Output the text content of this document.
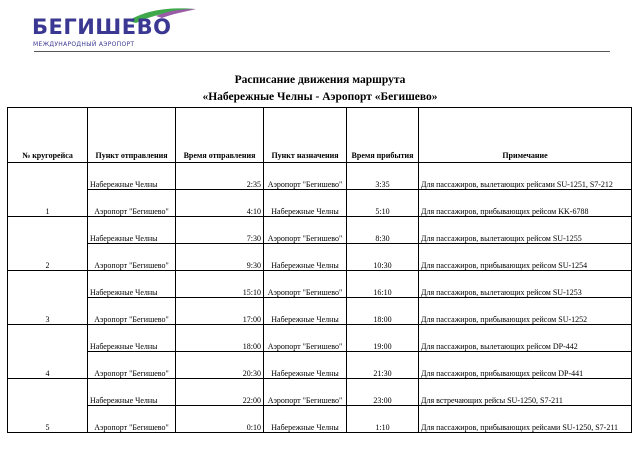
БЕГИШЕВО
МЕЖДУНАРОДНЫЙ АЭРОПОРТ
Расписание движения маршрута
«Набережные Челны - Аэропорт «Бегишево»
№ кругорейса	Пункт отправления	Время отправления	Пункт назначения	Время прибытия	Примечание
1	Набережные Челны	2:35	Аэропорт "Бегишево"	3:35	Для пассажиров, вылетающих рейсами SU-1251, S7-212
	Аэропорт "Бегишево"	4:10	Набережные Челны	5:10	Для пассажиров, прибывающих рейсом KK-6788
2	Набережные Челны	7:30	Аэропорт "Бегишево"	8:30	Для пассажиров, вылетающих рейсом SU-1255
	Аэропорт "Бегишево"	9:30	Набережные Челны	10:30	Для пассажиров, прибывающих рейсом SU-1254
3	Набережные Челны	15:10	Аэропорт "Бегишево"	16:10	Для пассажиров, вылетающих рейсом SU-1253
	Аэропорт "Бегишево"	17:00	Набережные Челны	18:00	Для пассажиров, прибывающих рейсом SU-1252
4	Набережные Челны	18:00	Аэропорт "Бегишево"	19:00	Для пассажиров, вылетающих рейсом DP-442
	Аэропорт "Бегишево"	20:30	Набережные Челны	21:30	Для пассажиров, прибывающих рейсом DP-441
5	Набережные Челны	22:00	Аэропорт "Бегишево"	23:00	Для встречающих рейсы SU-1250, S7-211
	Аэропорт "Бегишево"	0:10	Набережные Челны	1:10	Для пассажиров, прибывающих рейсами SU-1250, S7-211
